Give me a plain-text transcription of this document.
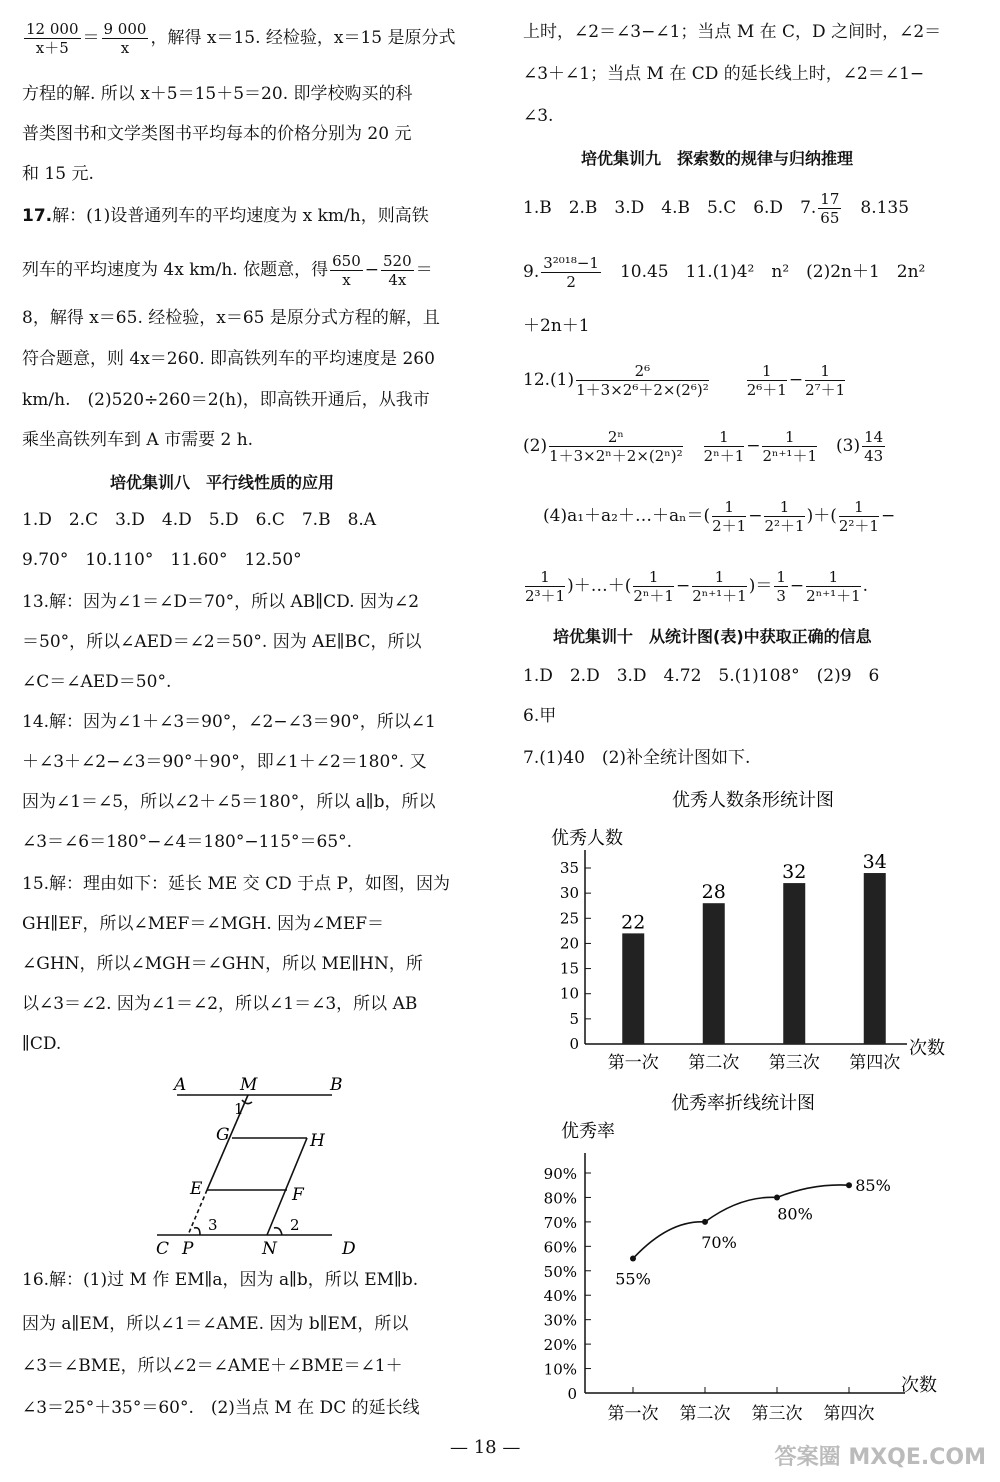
$\frac{12 000}{x+5} = \frac{9 000}{x}$ ，解得 x＝15. 经检验，x＝15 是原分式
方程的解. 所以 x＋5＝15＋5＝20. 即学校购买的科
普类图书和文学类图书平均每本的价格分别为 20 元
和 15 元.
17.解：(1)设普通列车的平均速度为 x km/h，则高铁
列车的平均速度为 4x km/h. 依题意，得 $\frac{650}{x} - \frac{520}{4x}$ ＝
8，解得 x＝65. 经检验，x＝65 是原分式方程的解，且
符合题意，则 4x＝260. 即高铁列车的平均速度是 260
km/h.　(2)520÷260＝2(h)，即高铁开通后，从我市
乘坐高铁列车到 A 市需要 2 h.
培优集训八　平行线性质的应用
1.D　2.C　3.D　4.D　5.D　6.C　7.B　8.A
9.70°　10.110°　11.60°　12.50°
13.解：因为∠1＝∠D＝70°，所以 AB∥CD. 因为∠2
＝50°，所以∠AED＝∠2＝50°. 因为 AE∥BC，所以
∠C＝∠AED＝50°.
14.解：因为∠1＋∠3＝90°，∠2−∠3＝90°，所以∠1
＋∠3＋∠2−∠3＝90°＋90°，即∠1＋∠2＝180°. 又
因为∠1＝∠5，所以∠2＋∠5＝180°，所以 a∥b，所以
∠3＝∠6＝180°−∠4＝180°−115°＝65°.
15.解：理由如下：延长 ME 交 CD 于点 P，如图，因为
GH∥EF，所以∠MEF＝∠MGH. 因为∠MEF＝
∠GHN，所以∠MGH＝∠GHN，所以 ME∥HN，所
以∠3＝∠2. 因为∠1＝∠2，所以∠1＝∠3，所以 AB
∥CD.
A	M	B
G	H
E	F
C P	N	D
1
2
3
16.解：(1)过 M 作 EM∥a，因为 a∥b，所以 EM∥b.
因为 a∥EM，所以∠1＝∠AME. 因为 b∥EM，所以
∠3＝∠BME，所以∠2＝∠AME＋∠BME＝∠1＋
∠3＝25°＋35°＝60°.　(2)当点 M 在 DC 的延长线
上时，∠2＝∠3−∠1；当点 M 在 C，D 之间时，∠2＝
∠3＋∠1；当点 M 在 CD 的延长线上时，∠2＝∠1−
∠3.
培优集训九　探索数的规律与归纳推理
1.B　2.B　3.D　4.B　5.C　6.D　7. $\frac{17}{65}$
　 8.135
9. $\frac{\text{3²⁰¹⁸−1}}{2}$
　 10.45　11.(1)4²　n²　(2)2n＋1　2n²
＋2n＋1
$12.(1) \frac{\text{2⁶}}{\text{1＋3×2⁶＋2×(2⁶)²}}$
　　	$\frac{1}{\text{2⁶＋1}} - \frac{1}{\text{2⁷＋1}}$
$(2) \frac{\text{2ⁿ}}{\text{1＋3×2ⁿ＋2×(2ⁿ)²}}$
　 $\frac{1}{\text{2ⁿ＋1}} - \frac{1}{\text{2ⁿ⁺¹＋1}}$
　 $(3) \frac{14}{43}$
(4)a₁＋a₂＋…＋aₙ＝( $\frac{1}{2+1} - \frac{1}{\text{2²＋1}}$ )＋( $\frac{1}{\text{2²＋1}}$ −
$\frac{1}{\text{2³＋1}}$ )＋…＋( $\frac{1}{\text{2ⁿ＋1}} - \frac{1}{\text{2ⁿ⁺¹＋1}}$ )＝ $\frac{1}{3} - \frac{1}{\text{2ⁿ⁺¹＋1}}$ .
培优集训十　从统计图(表)中获取正确的信息
1.D　2.D　3.D　4.72　5.(1)108°　(2)9　6
6.甲
7.(1)40　(2)补全统计图如下.
优秀人数条形统计图
优秀人数
0
5
10
15
20
25
30
35
22
第一次
28
第二次
32
第三次
34
第四次
次数
优秀率折线统计图
优秀率
0
10%
20%
30%
40%
50%
60%
70%
80%
90%
第一次 第二次 第三次 第四次
55%
70%
80%
85%
次数
— 18 —	答案圈 MXQE.COM
